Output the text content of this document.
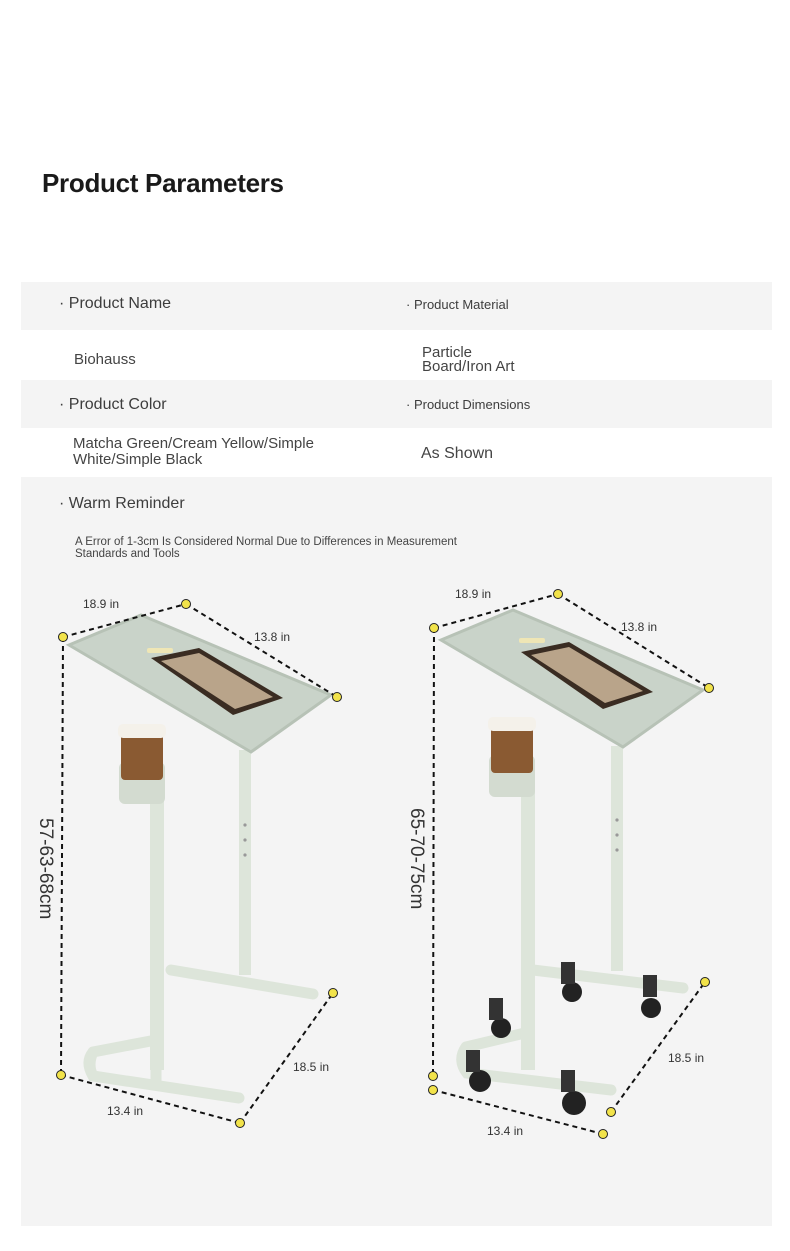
Product Parameters
· Product Name	· Product Material
Biohauss	Particle
Board/Iron Art
· Product Color	· Product Dimensions
Matcha Green/Cream Yellow/Simple
White/Simple Black	As Shown
· Warm Reminder
A Error of 1-3cm Is Considered Normal Due to Differences in Measurement
Standards and Tools
18.9 in
13.8 in
57-63-68cm
18.5 in
13.4 in
18.9 in
13.8 in
65-70-75cm
18.5 in
13.4 in
